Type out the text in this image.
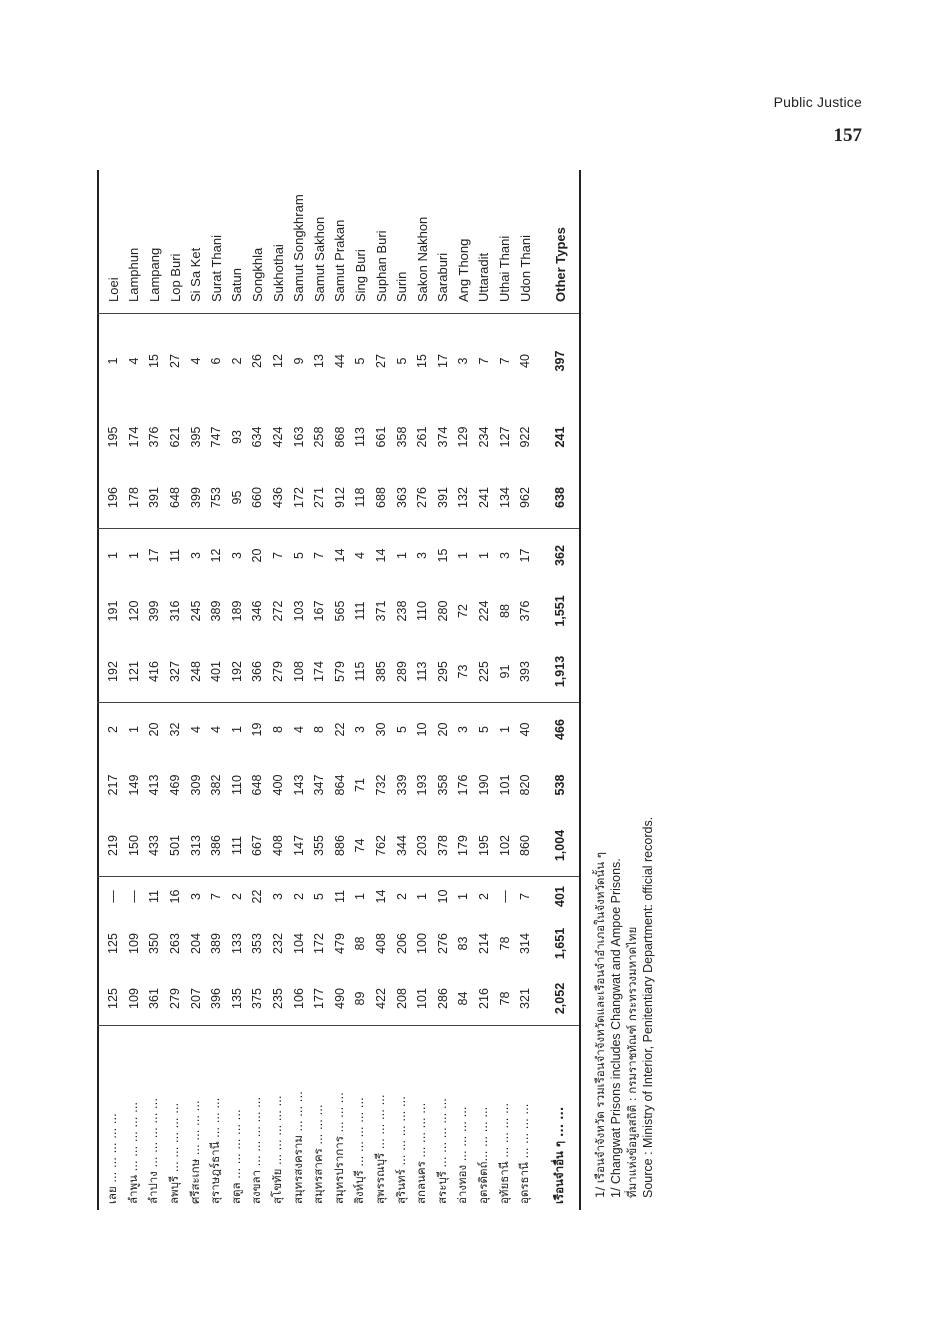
Public Justice
157
เลย ... ... ... ... ...	125	125	—	219	217	2	192	191	1	196	195	1	Loei
ลำพูน ... ... ... ... ...	109	109	—	150	149	1	121	120	1	178	174	4	Lamphun
ลำปาง ... ... ... ... ...	361	350	11	433	413	20	416	399	17	391	376	15	Lampang
ลพบุรี ... ... ... ... ...	279	263	16	501	469	32	327	316	11	648	621	27	Lop Buri
ศรีสะเกษ ... ... ... ...	207	204	3	313	309	4	248	245	3	399	395	4	Si Sa Ket
สุราษฎร์ธานี ... ... ...	396	389	7	386	382	4	401	389	12	753	747	6	Surat Thani
สตูล ... ... ... ... ...	135	133	2	111	110	1	192	189	3	95	93	2	Satun
สงขลา ... ... ... ... ...	375	353	22	667	648	19	366	346	20	660	634	26	Songkhla
สุโขทัย ... ... ... ... ...	235	232	3	408	400	8	279	272	7	436	424	12	Sukhothai
สมุทรสงคราม ... ... ...	106	104	2	147	143	4	108	103	5	172	163	9	Samut Songkhram
สมุทรสาคร ... ... ...	177	172	5	355	347	8	174	167	7	271	258	13	Samut Sakhon
สมุทรปราการ ... ... ...	490	479	11	886	864	22	579	565	14	912	868	44	Samut Prakan
สิงห์บุรี ... ... ... ... ...	89	88	1	74	71	3	115	111	4	118	113	5	Sing Buri
สุพรรณบุรี ... ... ... ...	422	408	14	762	732	30	385	371	14	688	661	27	Suphan Buri
สุรินทร์ ... ... ... ... ...	208	206	2	344	339	5	289	238	1	363	358	5	Surin
สกลนคร ... ... ... ...	101	100	1	203	193	10	113	110	3	276	261	15	Sakon Nakhon
สระบุรี ... ... ... ... ...	286	276	10	378	358	20	295	280	15	391	374	17	Saraburi
อ่างทอง ... ... ... ...	84	83	1	179	176	3	73	72	1	132	129	3	Ang Thong
อุตรดิตถ์... ... ... ...	216	214	2	195	190	5	225	224	1	241	234	7	Uttaradit
อุทัยธานี ... ... ... ...	78	78	—	102	101	1	91	88	3	134	127	7	Uthai Thani
อุดรธานี ... ... ... ...	321	314	7	860	820	40	393	376	17	962	922	40	Udon Thani
เรือนจำอื่น ๆ ... ...	2,052	1,651	401	1,004	538	466	1,913	1,551	362	638	241	397	Other Types
1/ เรือนจำจังหวัด รวมเรือนจำจังหวัดและเรือนจำอำเภอในจังหวัดนั้น ๆ 1/ Changwat Prisons includes Changwat and Ampoe Prisons. ที่มาแห่งข้อมูลสถิติ : กรมราชทัณฑ์ กระทรวงมหาดไทย Source : Ministry of Interior, Penitentiary Department: official records.
